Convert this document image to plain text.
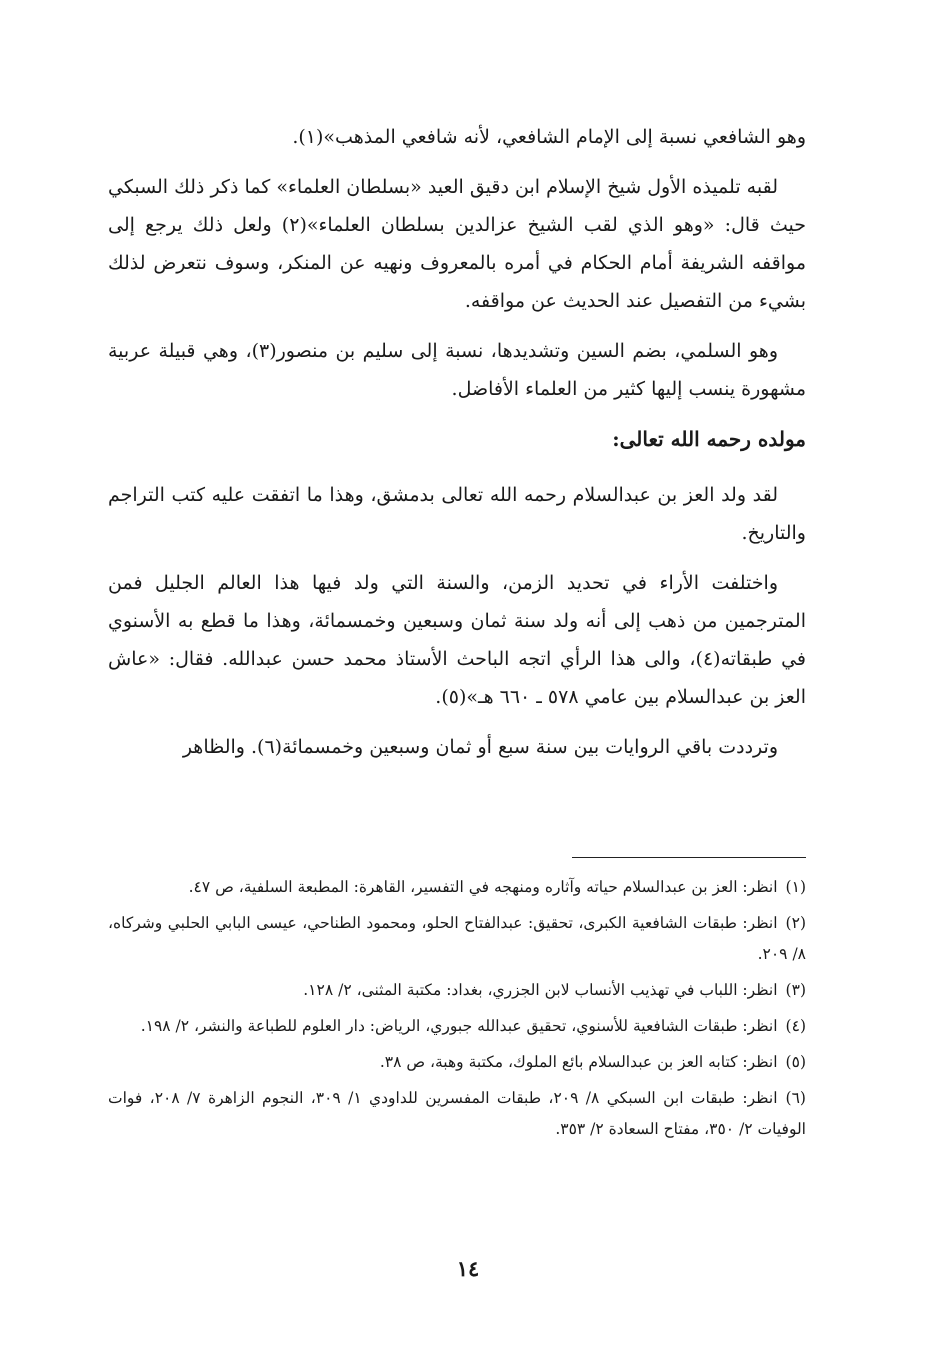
وهو الشافعي نسبة إلى الإمام الشافعي، لأنه شافعي المذهب»(١).

لقبه تلميذه الأول شيخ الإسلام ابن دقيق العيد «بسلطان العلماء» كما ذكر ذلك السبكي حيث قال: «وهو الذي لقب الشيخ عزالدين بسلطان العلماء»(٢) ولعل ذلك يرجع إلى مواقفه الشريفة أمام الحكام في أمره بالمعروف ونهيه عن المنكر، وسوف نتعرض لذلك بشيء من التفصيل عند الحديث عن مواقفه.

وهو السلمي، بضم السين وتشديدها، نسبة إلى سليم بن منصور(٣)، وهي قبيلة عربية مشهورة ينسب إليها كثير من العلماء الأفاضل.

مولده رحمه الله تعالى:

لقد ولد العز بن عبدالسلام رحمه الله تعالى بدمشق، وهذا ما اتفقت عليه كتب التراجم والتاريخ.

واختلفت الأراء في تحديد الزمن، والسنة التي ولد فيها هذا العالم الجليل فمن المترجمين من ذهب إلى أنه ولد سنة ثمان وسبعين وخمسمائة، وهذا ما قطع به الأسنوي في طبقاته(٤)، والى هذا الرأي اتجه الباحث الأستاذ محمد حسن عبدالله. فقال: «عاش العز بن عبدالسلام بين عامي ٥٧٨ ـ ٦٦٠ هـ»(٥).

وترددت باقي الروايات بين سنة سبع أو ثمان وسبعين وخمسمائة(٦). والظاهر

(١)انظر: العز بن عبدالسلام حياته وآثاره ومنهجه في التفسير، القاهرة: المطبعة السلفية، ص ٤٧.

(٢)انظر: طبقات الشافعية الكبرى، تحقيق: عبدالفتاح الحلو، ومحمود الطناحي، عيسى البابي الحلبي وشركاه، ٨/ ٢٠٩.

(٣)انظر: اللباب في تهذيب الأنساب لابن الجزري، بغداد: مكتبة المثنى، ٢/ ١٢٨.

(٤)انظر: طبقات الشافعية للأسنوي، تحقيق عبدالله جبوري، الرياض: دار العلوم للطباعة والنشر، ٢/ ١٩٨.

(٥)انظر: كتابه العز بن عبدالسلام بائع الملوك، مكتبة وهبة، ص ٣٨.

(٦)انظر: طبقات ابن السبكي ٨/ ٢٠٩، طبقات المفسرين للداودي ١/ ٣٠٩، النجوم الزاهرة ٧/ ٢٠٨، فوات الوفيات ٢/ ٣٥٠، مفتاح السعادة ٢/ ٣٥٣.

١٤
